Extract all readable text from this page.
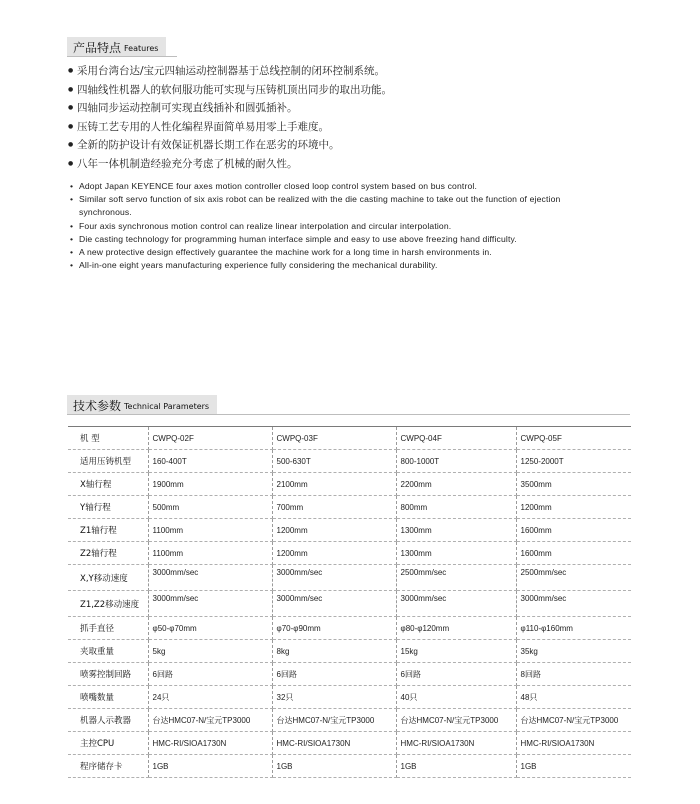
产品特点 Features
● 采用台湾台达/宝元四轴运动控制器基于总线控制的闭环控制系统。
● 四轴线性机器人的软伺服功能可实现与压铸机顶出同步的取出功能。
● 四轴同步运动控制可实现直线插补和圆弧插补。
● 压铸工艺专用的人性化编程界面简单易用零上手难度。
● 全新的防护设计有效保证机器长期工作在恶劣的环境中。
● 八年一体机制造经验充分考虑了机械的耐久性。
• Adopt Japan KEYENCE four axes motion controller closed loop control system based on bus control.
• Similar soft servo function of six axis robot can be realized with the die casting machine to take out the function of ejection synchronous.
• Four axis synchronous motion control can realize linear interpolation and circular interpolation.
• Die casting technology for programming human interface simple and easy to use above freezing hand difficulty.
• A new protective design effectively guarantee the machine work for a long time in harsh environments in.
• All-in-one eight years manufacturing experience fully considering the mechanical durability.
技术参数 Technical Parameters
机 型	CWPQ-02F	CWPQ-03F	CWPQ-04F	CWPQ-05F
适用压铸机型	160-400T	500-630T	800-1000T	1250-2000T
X轴行程	1900mm	2100mm	2200mm	3500mm
Y轴行程	500mm	700mm	800mm	1200mm
Z1轴行程	1100mm	1200mm	1300mm	1600mm
Z2轴行程	1100mm	1200mm	1300mm	1600mm
X,Y移动速度	3000mm/sec	3000mm/sec	2500mm/sec	2500mm/sec
Z1,Z2移动速度	3000mm/sec	3000mm/sec	3000mm/sec	3000mm/sec
抓手直径	φ50-φ70mm	φ70-φ90mm	φ80-φ120mm	φ110-φ160mm
夹取重量	5kg	8kg	15kg	35kg
喷雾控制回路	6回路	6回路	6回路	8回路
喷嘴数量	24只	32只	40只	48只
机器人示教器	台达HMC07-N/宝元TP3000	台达HMC07-N/宝元TP3000	台达HMC07-N/宝元TP3000	台达HMC07-N/宝元TP3000
主控CPU	HMC-RI/SIOA1730N	HMC-RI/SIOA1730N	HMC-RI/SIOA1730N	HMC-RI/SIOA1730N
程序储存卡	1GB	1GB	1GB	1GB
